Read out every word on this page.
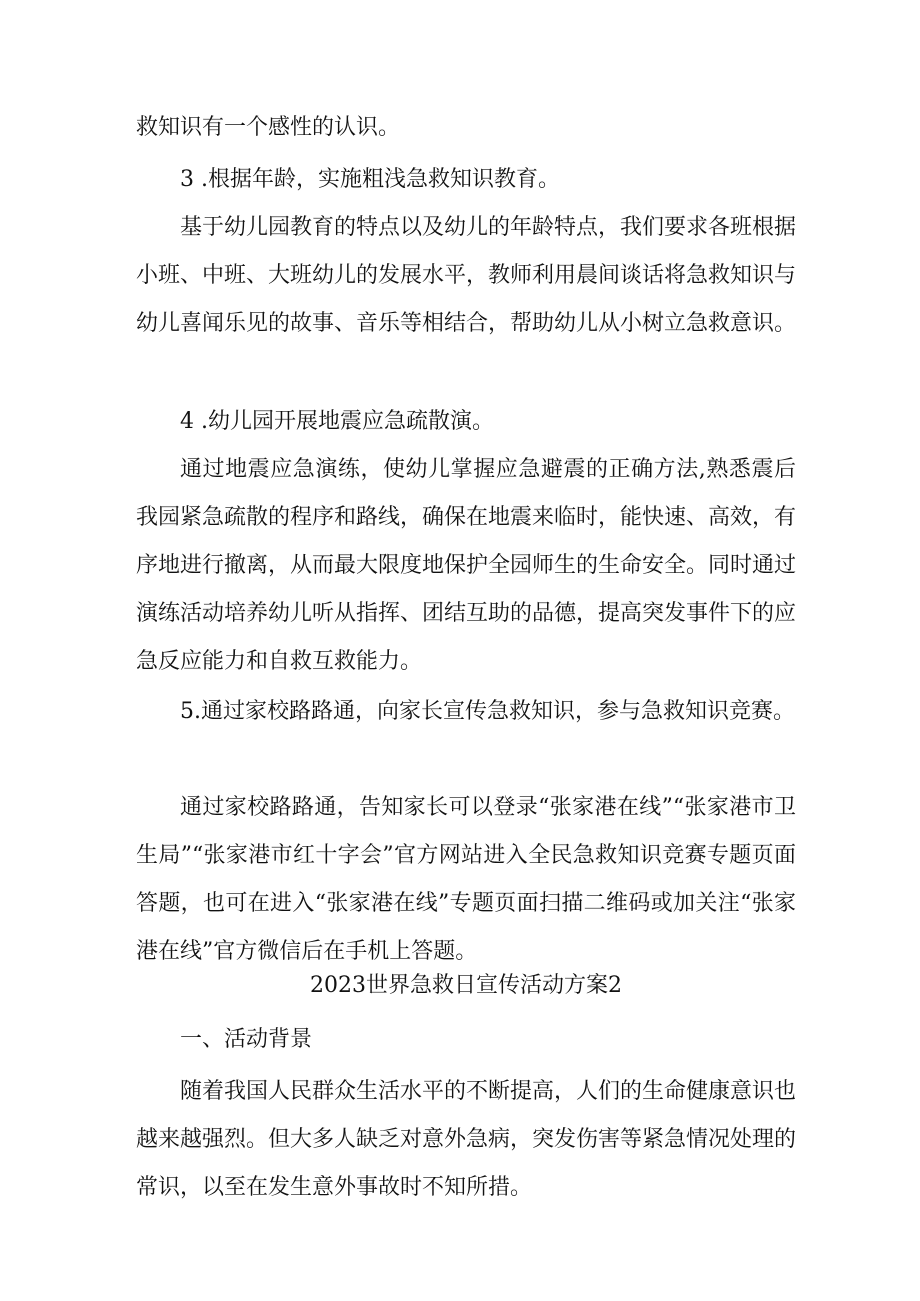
救知识有一个感性的认识。

3 .根据年龄，实施粗浅急救知识教育。

基于幼儿园教育的特点以及幼儿的年龄特点，我们要求各班根据小班、中班、大班幼儿的发展水平，教师利用晨间谈话将急救知识与幼儿喜闻乐见的故事、音乐等相结合，帮助幼儿从小树立急救意识。

4 .幼儿园开展地震应急疏散演。

通过地震应急演练，使幼儿掌握应急避震的正确方法,熟悉震后我园紧急疏散的程序和路线，确保在地震来临时，能快速、高效，有序地进行撤离，从而最大限度地保护全园师生的生命安全。同时通过演练活动培养幼儿听从指挥、团结互助的品德，提高突发事件下的应急反应能力和自救互救能力。

5.通过家校路路通，向家长宣传急救知识，参与急救知识竞赛。

通过家校路路通，告知家长可以登录“张家港在线”“张家港市卫生局”“张家港市红十字会”官方网站进入全民急救知识竞赛专题页面答题，也可在进入“张家港在线”专题页面扫描二维码或加关注“张家港在线”官方微信后在手机上答题。

2023世界急救日宣传活动方案2

一、活动背景

随着我国人民群众生活水平的不断提高，人们的生命健康意识也越来越强烈。但大多人缺乏对意外急病，突发伤害等紧急情况处理的常识，以至在发生意外事故时不知所措。
